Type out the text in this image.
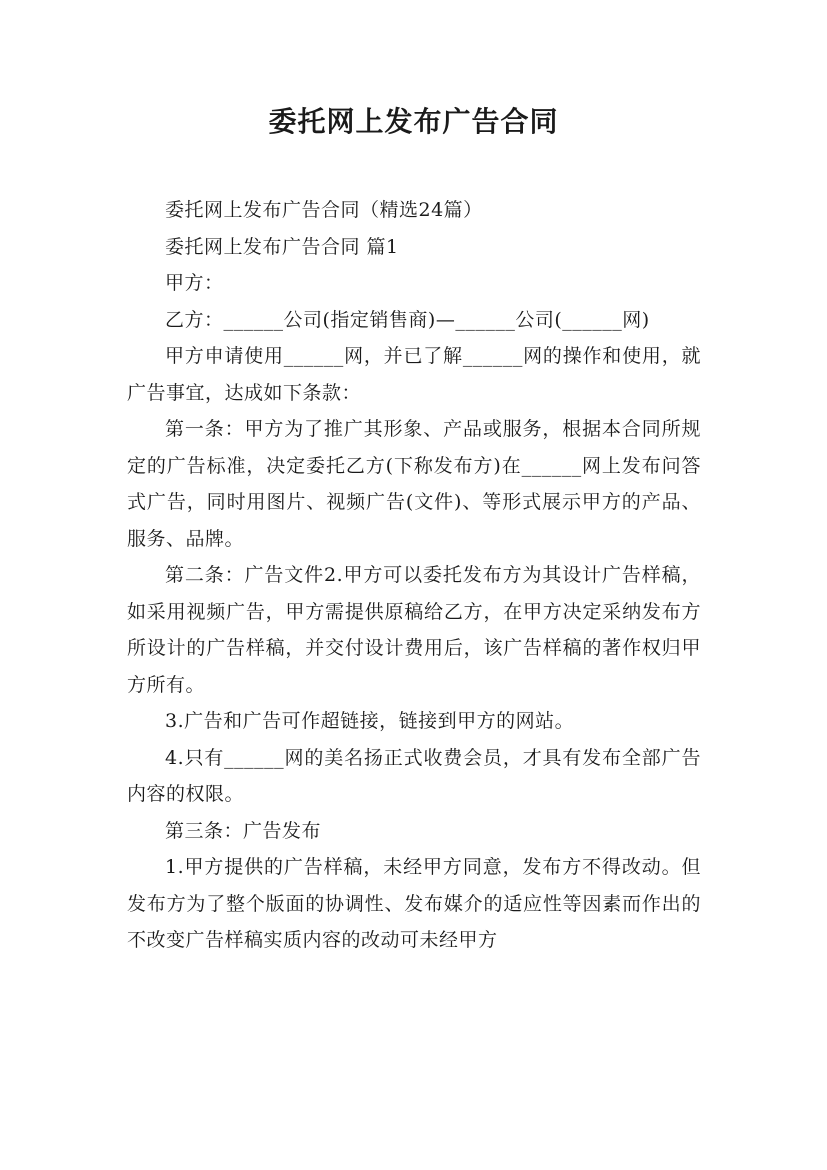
委托网上发布广告合同

委托网上发布广告合同（精选24篇）

委托网上发布广告合同 篇1

甲方：

乙方：______公司(指定销售商)—______公司(______网)

甲方申请使用______网，并已了解______网的操作和使用，就广告事宜，达成如下条款：

第一条：甲方为了推广其形象、产品或服务，根据本合同所规定的广告标准，决定委托乙方(下称发布方)在______网上发布问答式广告，同时用图片、视频广告(文件)、等形式展示甲方的产品、服务、品牌。

第二条：广告文件2.甲方可以委托发布方为其设计广告样稿，如采用视频广告，甲方需提供原稿给乙方，在甲方决定采纳发布方所设计的广告样稿，并交付设计费用后，该广告样稿的著作权归甲方所有。

3.广告和广告可作超链接，链接到甲方的网站。

4.只有______网的美名扬正式收费会员，才具有发布全部广告内容的权限。

第三条：广告发布

1.甲方提供的广告样稿，未经甲方同意，发布方不得改动。但发布方为了整个版面的协调性、发布媒介的适应性等因素而作出的不改变广告样稿实质内容的改动可未经甲方
